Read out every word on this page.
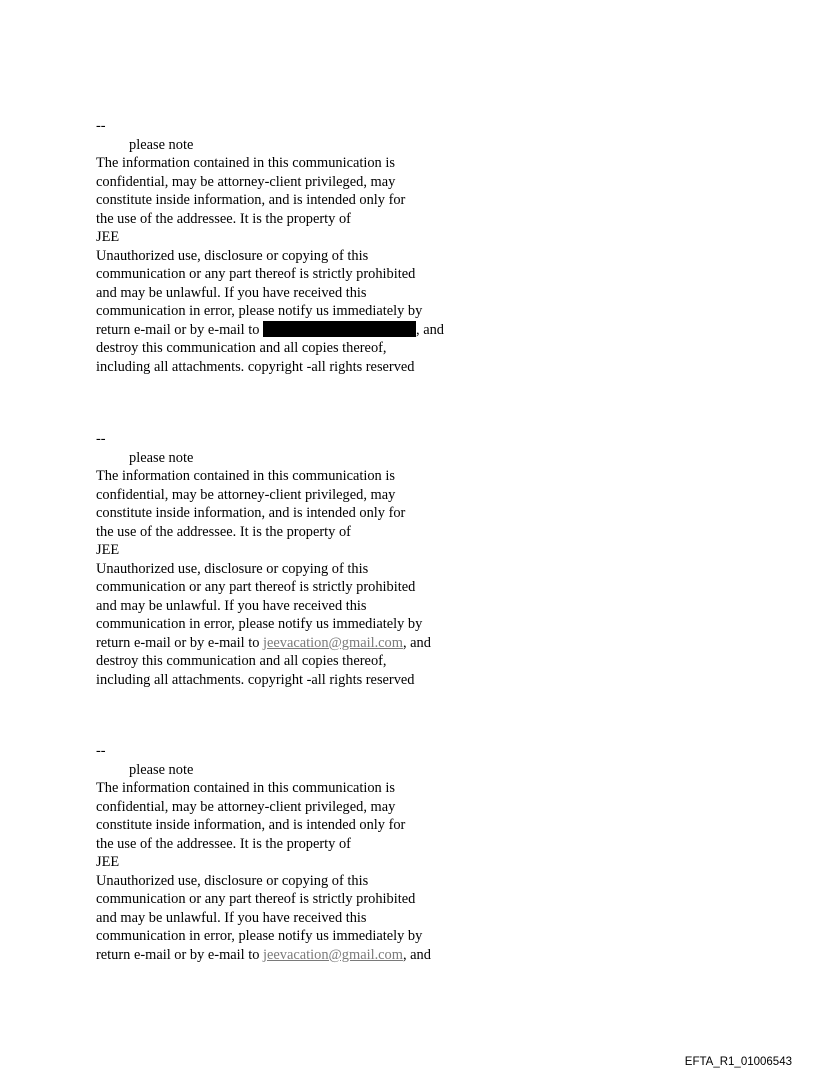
--
please note
The information contained in this communication is
confidential, may be attorney-client privileged, may
constitute inside information, and is intended only for
the use of the addressee. It is the property of
JEE
Unauthorized use, disclosure or copying of this
communication or any part thereof is strictly prohibited
and may be unlawful. If you have received this
communication in error, please notify us immediately by
return e-mail or by e-mail to	, and
destroy this communication and all copies thereof,
including all attachments. copyright -all rights reserved
--
please note
The information contained in this communication is
confidential, may be attorney-client privileged, may
constitute inside information, and is intended only for
the use of the addressee. It is the property of
JEE
Unauthorized use, disclosure or copying of this
communication or any part thereof is strictly prohibited
and may be unlawful. If you have received this
communication in error, please notify us immediately by
return e-mail or by e-mail to jeevacation@gmail.com, and
destroy this communication and all copies thereof,
including all attachments. copyright -all rights reserved
--
please note
The information contained in this communication is
confidential, may be attorney-client privileged, may
constitute inside information, and is intended only for
the use of the addressee. It is the property of
JEE
Unauthorized use, disclosure or copying of this
communication or any part thereof is strictly prohibited
and may be unlawful. If you have received this
communication in error, please notify us immediately by
return e-mail or by e-mail to jeevacation@gmail.com, and
EFTA_R1_01006543
